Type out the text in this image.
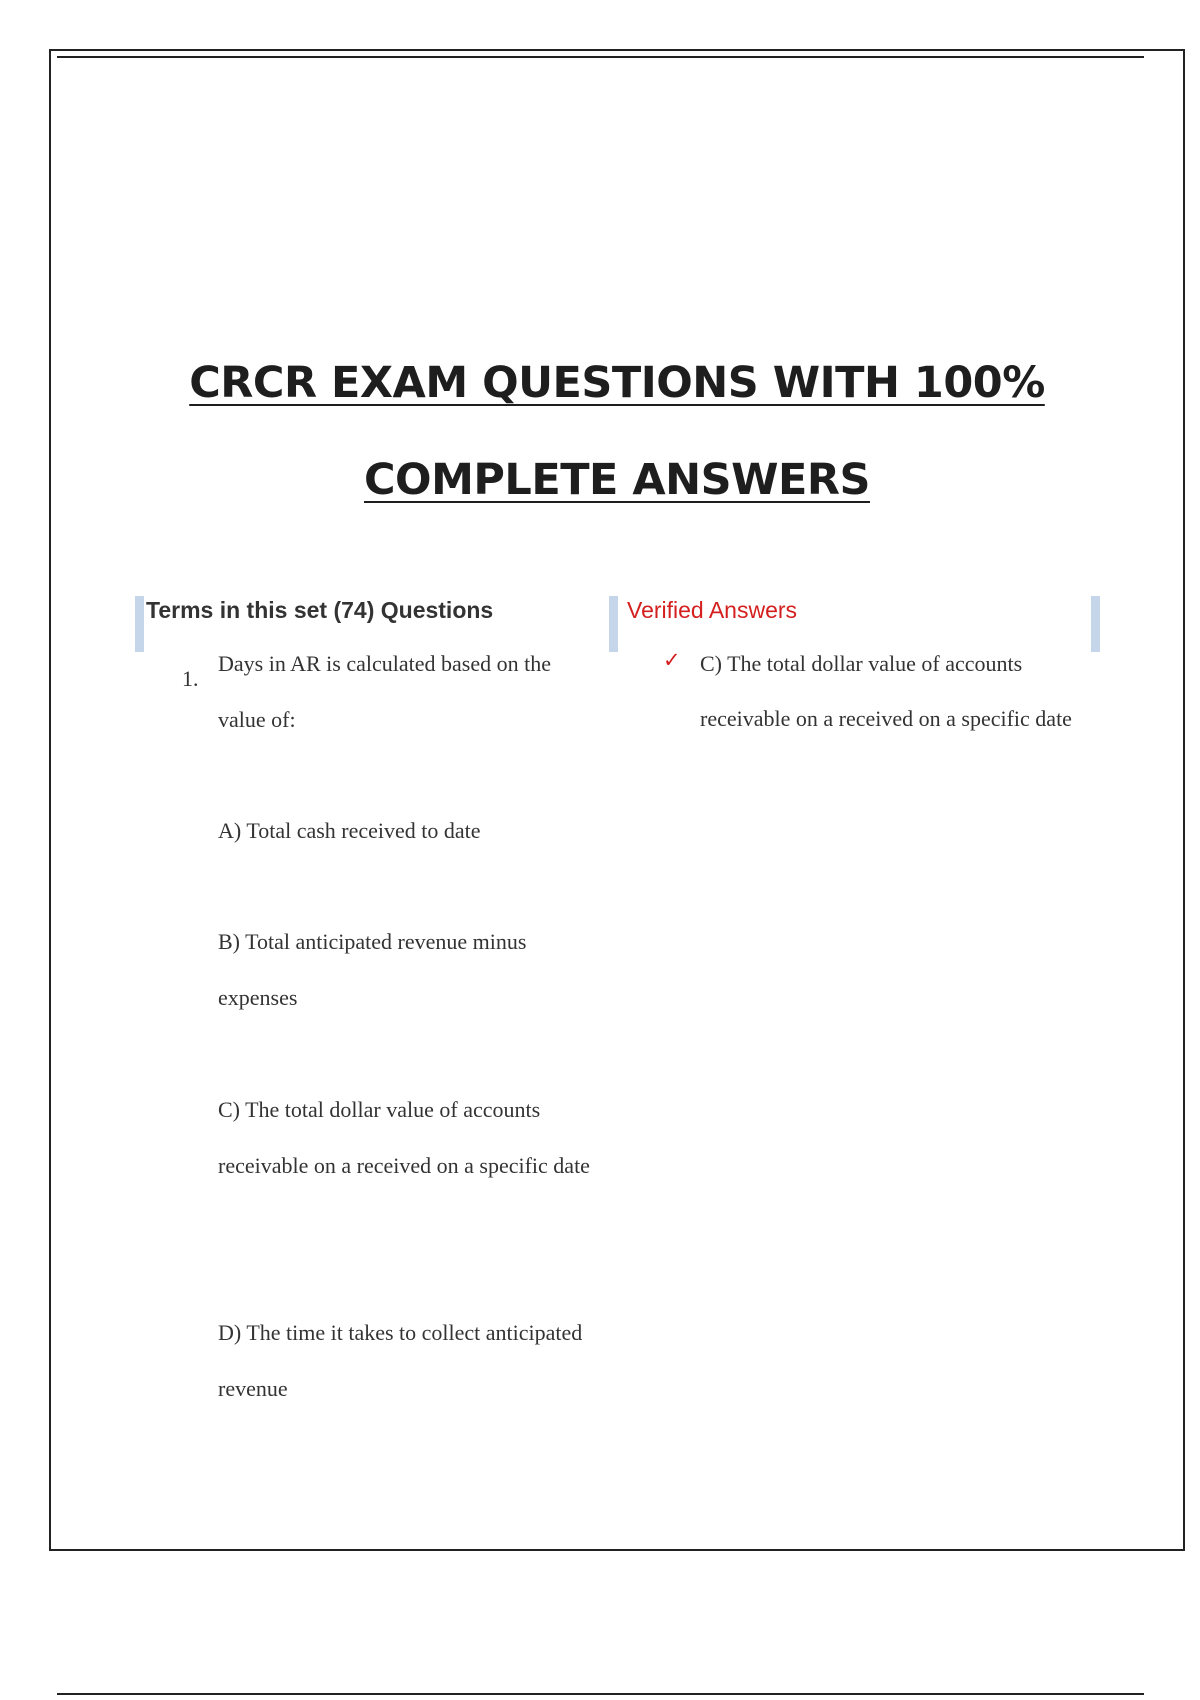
CRCR EXAM QUESTIONS WITH 100%
COMPLETE ANSWERS
Terms in this set (74) Questions	Verified Answers
1.

Days in AR is calculated based on the value of:

A) Total cash received to date

B) Total anticipated revenue minus expenses

C) The total dollar value of accounts receivable on a received on a specific date

D) The time it takes to collect anticipated revenue

✓ C) The total dollar value of accounts receivable on a received on a specific date
